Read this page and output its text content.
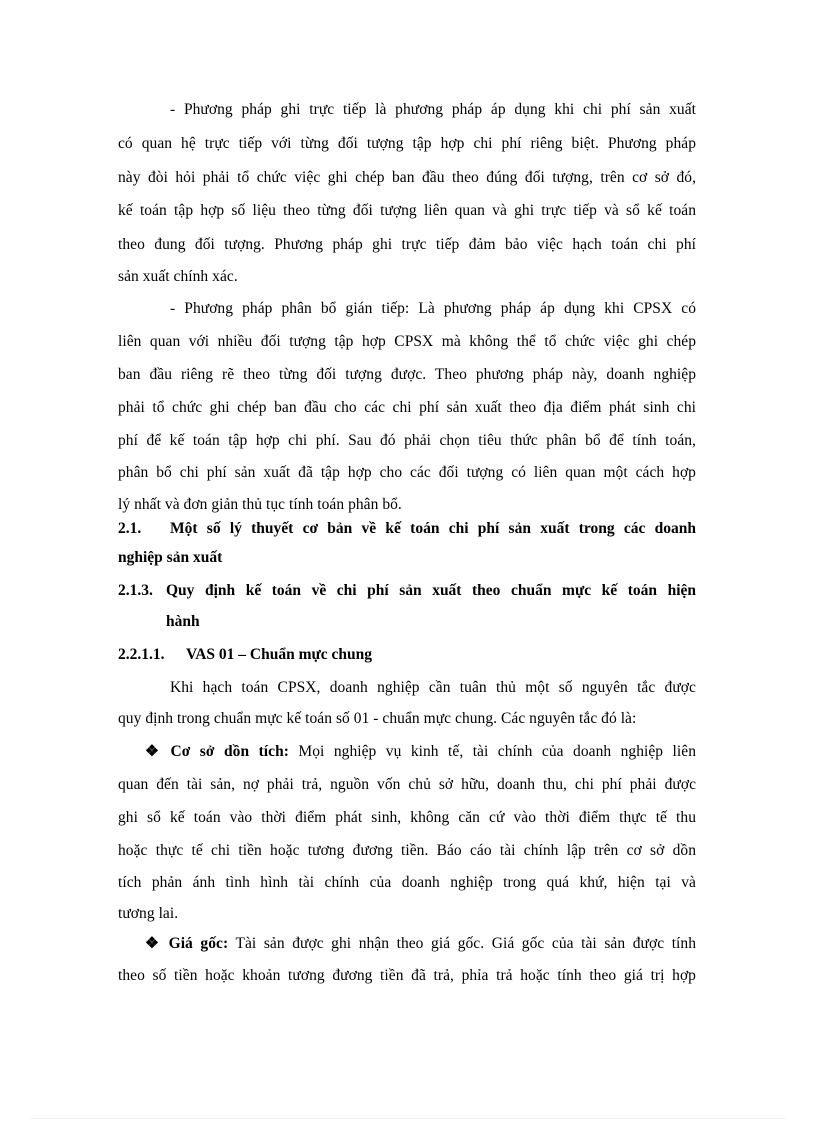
- Phương pháp ghi trực tiếp là phương pháp áp dụng khi chi phí sản xuất
có quan hệ trực tiếp với từng đối tượng tập hợp chi phí riêng biệt. Phương pháp
này đòi hỏi phải tổ chức việc ghi chép ban đầu theo đúng đối tượng, trên cơ sở đó,
kế toán tập hợp số liệu theo từng đối tượng liên quan và ghi trực tiếp và sổ kế toán
theo đung đối tượng. Phương pháp ghi trực tiếp đảm bảo việc hạch toán chi phí
sản xuất chính xác.
- Phương pháp phân bổ gián tiếp: Là phương pháp áp dụng khi CPSX có
liên quan với nhiều đối tượng tập hợp CPSX mà không thể tổ chức việc ghi chép
ban đầu riêng rẽ theo từng đối tượng được. Theo phương pháp này, doanh nghiệp
phải tổ chức ghi chép ban đầu cho các chi phí sản xuất theo địa điểm phát sinh chi
phí để kế toán tập hợp chi phí. Sau đó phải chọn tiêu thức phân bổ để tính toán,
phân bổ chi phí sản xuất đã tập hợp cho các đối tượng có liên quan một cách hợp
lý nhất và đơn giản thủ tục tính toán phân bổ.
2.1. Một số lý thuyết cơ bản về kế toán chi phí sản xuất trong các doanh
nghiệp sản xuất
2.1.3. Quy định kế toán về chi phí sản xuất theo chuẩn mực kế toán hiện
hành
2.2.1.1. VAS 01 – Chuẩn mực chung
Khi hạch toán CPSX, doanh nghiệp cần tuân thủ một số nguyên tắc được
quy định trong chuẩn mực kế toán số 01 - chuẩn mực chung. Các nguyên tắc đó là:
❖ Cơ sở dồn tích: Mọi nghiệp vụ kinh tế, tài chính của doanh nghiệp liên
quan đến tài sản, nợ phải trả, nguồn vốn chủ sở hữu, doanh thu, chi phí phải được
ghi sổ kế toán vào thời điểm phát sinh, không căn cứ vào thời điểm thực tế thu
hoặc thực tế chi tiền hoặc tương đương tiền. Báo cáo tài chính lập trên cơ sở dồn
tích phản ánh tình hình tài chính của doanh nghiệp trong quá khứ, hiện tại và
tương lai.
❖ Giá gốc: Tài sản được ghi nhận theo giá gốc. Giá gốc của tài sản được tính
theo số tiền hoặc khoản tương đương tiền đã trả, phỉa trả hoặc tính theo giá trị hợp
